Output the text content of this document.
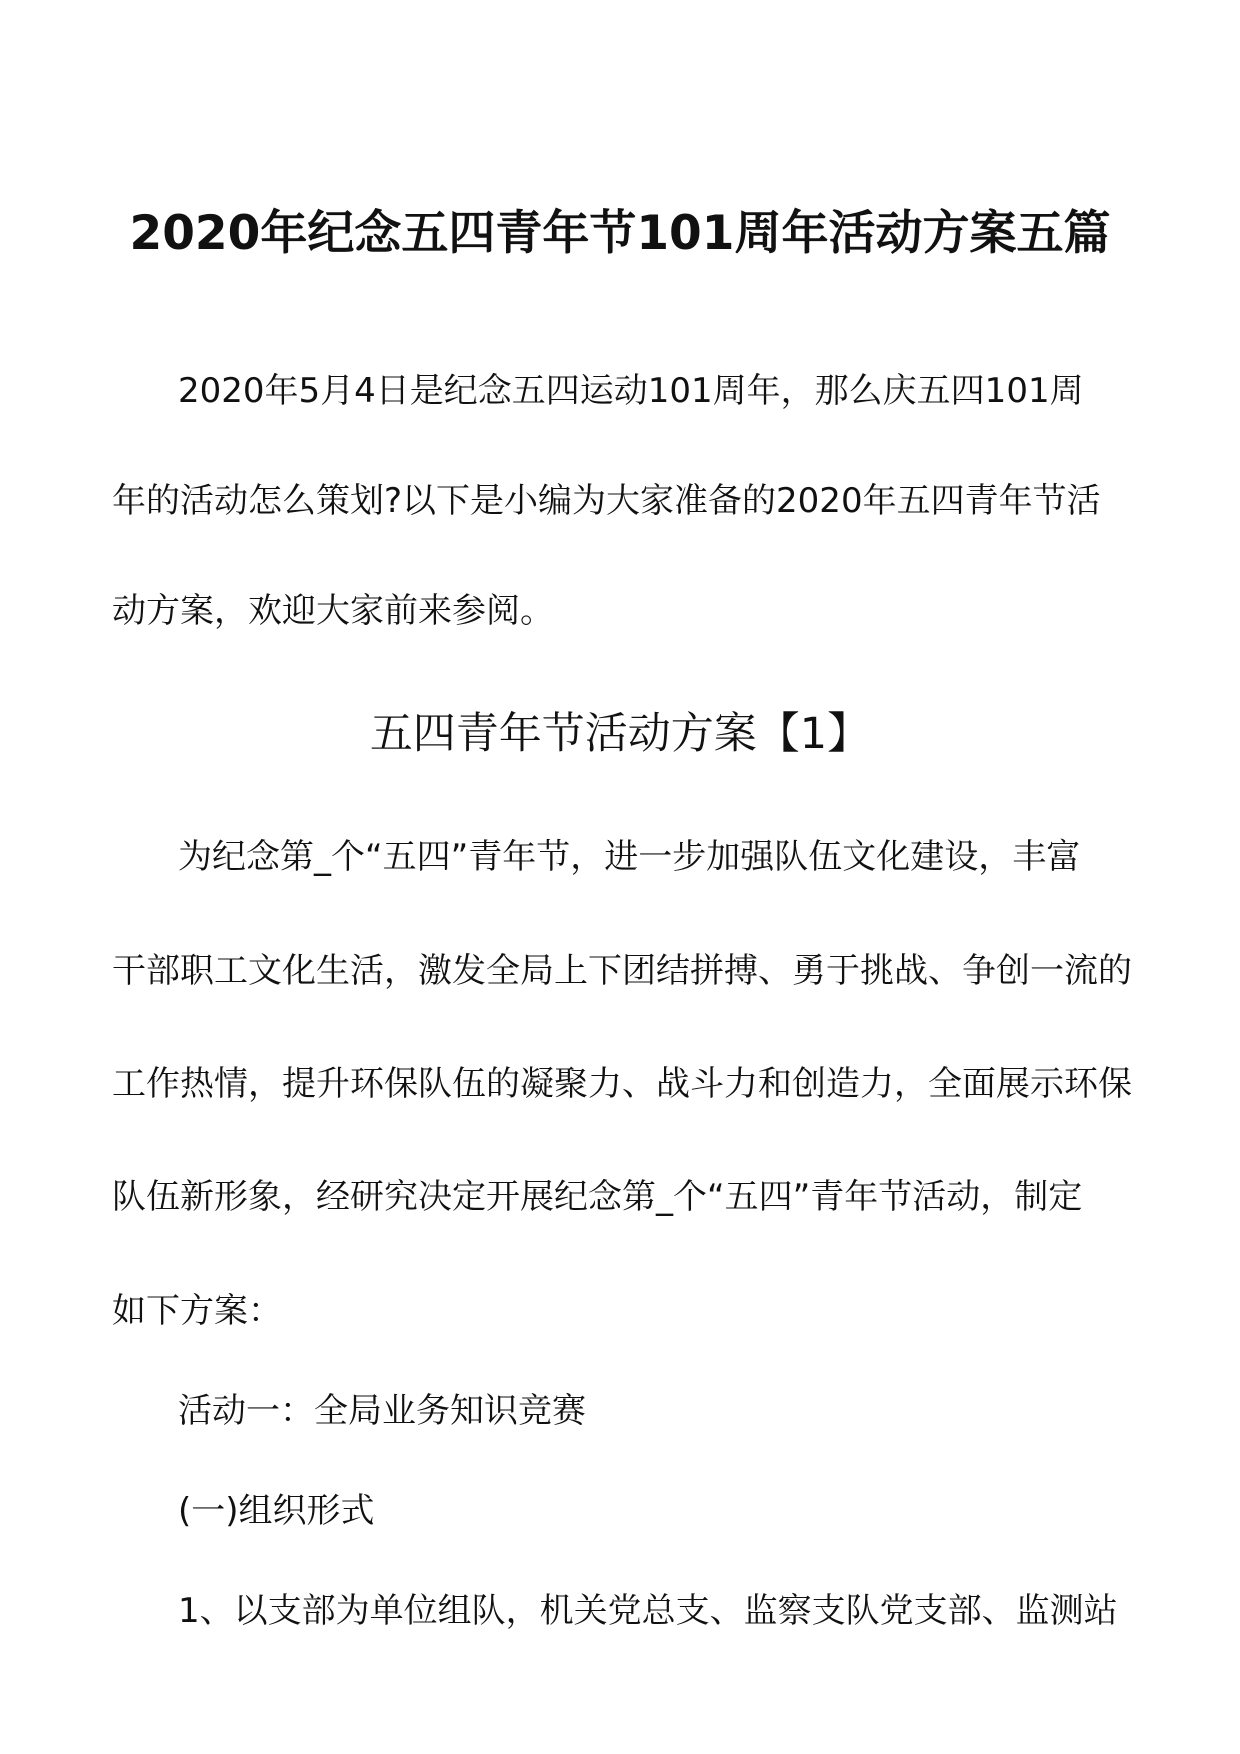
2020年纪念五四青年节101周年活动方案五篇
2020年5月4日是纪念五四运动101周年，那么庆五四101周
年的活动怎么策划?以下是小编为大家准备的2020年五四青年节活
动方案，欢迎大家前来参阅。
五四青年节活动方案【1】
为纪念第_个“五四”青年节，进一步加强队伍文化建设，丰富
干部职工文化生活，激发全局上下团结拼搏、勇于挑战、争创一流的
工作热情，提升环保队伍的凝聚力、战斗力和创造力，全面展示环保
队伍新形象，经研究决定开展纪念第_个“五四”青年节活动，制定
如下方案：
活动一：全局业务知识竞赛
(一)组织形式
1、以支部为单位组队，机关党总支、监察支队党支部、监测站
